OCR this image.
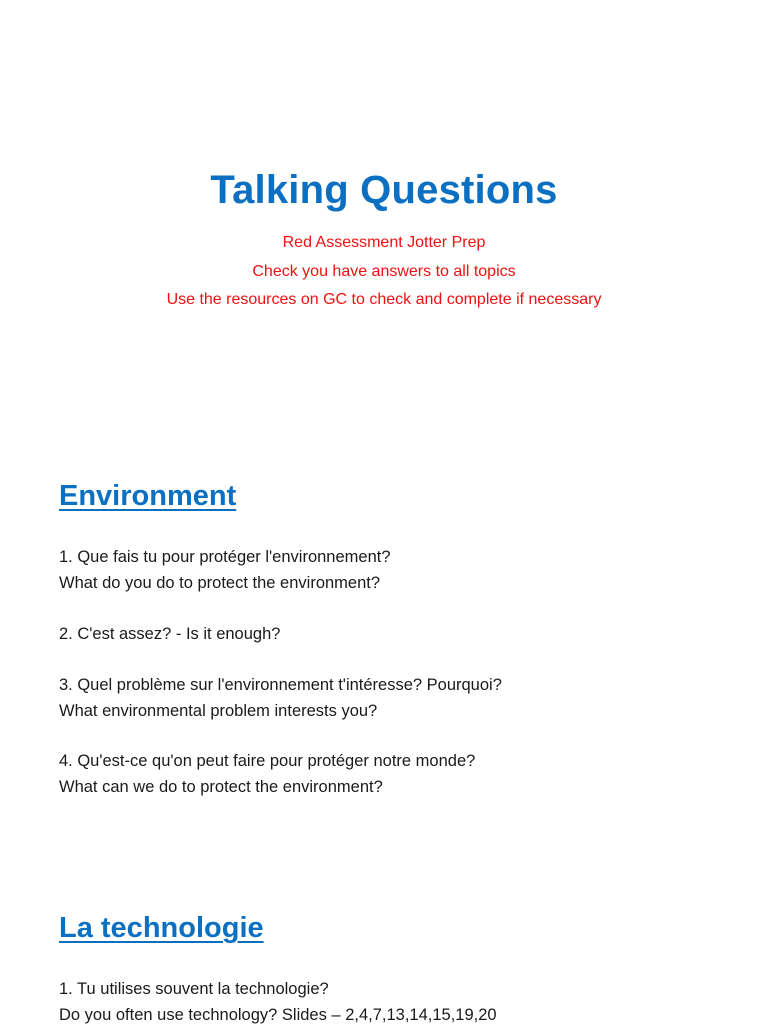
Talking Questions
Red Assessment Jotter Prep
Check you have answers to all topics
Use the resources on GC to check and complete if necessary
Environment
1. Que fais tu pour protéger l'environnement?
What do you do to protect the environment?
2. C'est assez? - Is it enough?
3. Quel problème sur l'environnement t'intéresse? Pourquoi?
What environmental problem interests you?
4. Qu'est-ce qu'on peut faire pour protéger notre monde?
What can we do to protect the environment?
La technologie
1. Tu utilises souvent la technologie?
Do you often use technology? Slides – 2,4,7,13,14,15,19,20
